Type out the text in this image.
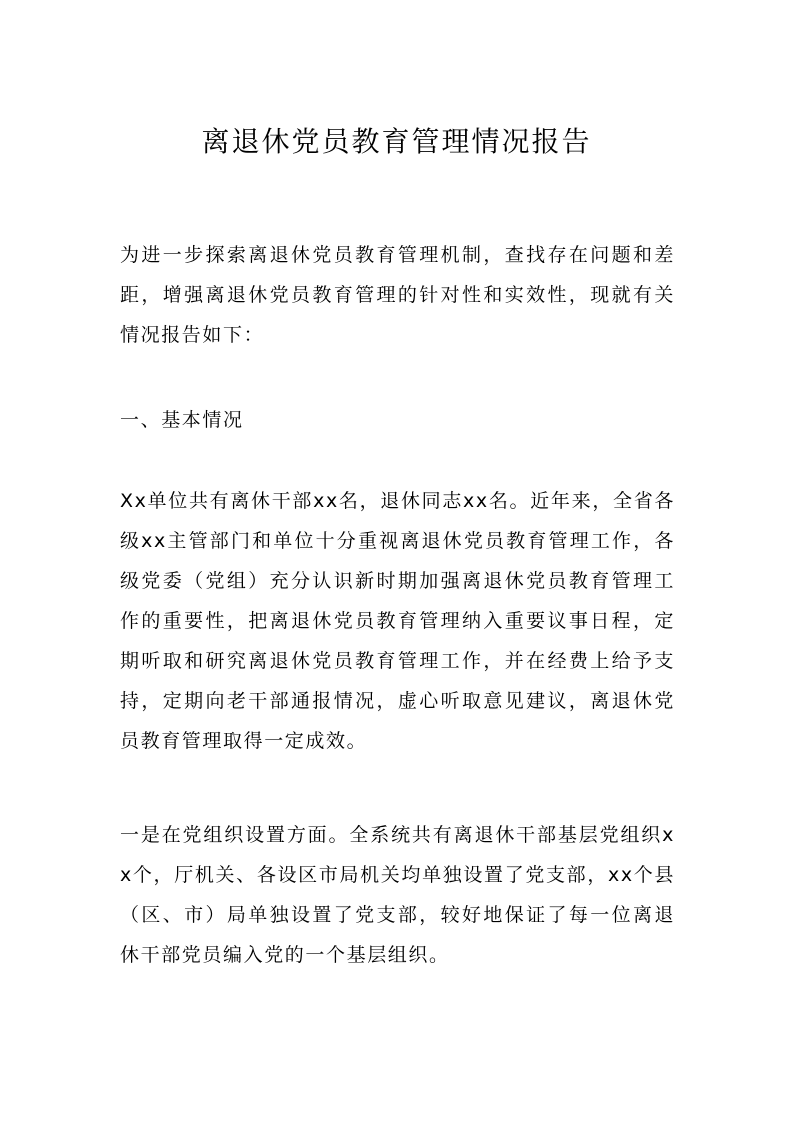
离退休党员教育管理情况报告

为进一步探索离退休党员教育管理机制，查找存在问题和差距，增强离退休党员教育管理的针对性和实效性，现就有关情况报告如下：

一、基本情况

Xx单位共有离休干部xx名，退休同志xx名。近年来，全省各级xx主管部门和单位十分重视离退休党员教育管理工作，各级党委（党组）充分认识新时期加强离退休党员教育管理工作的重要性，把离退休党员教育管理纳入重要议事日程，定期听取和研究离退休党员教育管理工作，并在经费上给予支持，定期向老干部通报情况，虚心听取意见建议，离退休党员教育管理取得一定成效。

一是在党组织设置方面。全系统共有离退休干部基层党组织xx个，厅机关、各设区市局机关均单独设置了党支部，xx个县（区、市）局单独设置了党支部，较好地保证了每一位离退休干部党员编入党的一个基层组织。
